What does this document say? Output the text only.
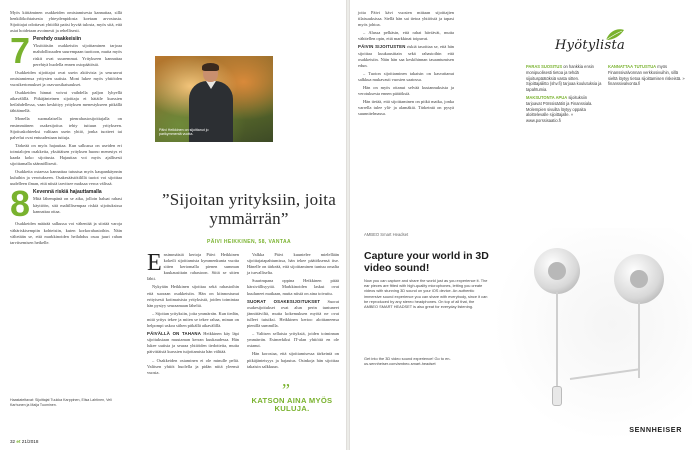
Myös kiittäminen osakkeiden omistamisesta kannattaa, sillä henkilökohtaisesta yhteydenpidosta koetaan arvostusta. Sijoittajat odottavat yhtiöltä paitsi hyvää tulosta, myös sitä, että asiat hoidetaan avoimesti ja rehellisesti.

7 Perehdy osakkeisiin
Yksittäisiin osakkeisiin sijoittaminen tarjoaa mahdollisuuden suurempaan tuottoon, mutta myös riskit ovat suuremmat. Yritykseen kannattaa perehtyä huolella ennen ostopäätöstä.

Osakkeiden sijoittajat ovat usein aktiivisia ja seuraavat omistamiensa yritysten uutisia. Moni lukee myös yhtiöiden vuosikertomukset ja osavuosikatsaukset.

Osakkeiden hinnat voivat vaihdella paljon lyhyellä aikavälillä. Pitkäjänteinen sijoittaja ei hätäile kurssien heilahdellessa, vaan keskittyy yrityksen menestykseen pitkällä tähtäimellä.

Monella suomalaisella pienrahastosijoittajalla on ensimmäinen osakesijoitus tehty tuttuun yritykseen. Sijoituskohteeksi valitaan usein yhtiö, jonka tuotteet tai palvelut ovat entuudestaan tuttuja.

Tärkeää on myös hajauttaa. Kun salkussa on useiden eri toimialojen osakkeita, yksittäisen yrityksen huono menestys ei kaada koko sijoitusta. Hajauttaa voi myös ajallisesti sijoittamalla säännöllisesti.

Osakkeita ostaessa kannattaa tutustua myös kaupankäynnin kuluihin ja verotukseen. Osakesäästötilillä tuotot voi sijoittaa uudelleen ilman, että niistä tarvitsee maksaa veroa välissä.

8 Kevennä riskiä hajauttamalla
Mitä lähempänä on se aika, jolloin haluat rahasi käyttöön, sitä maltillisempaa riskiä sijoituksissa kannattaa ottaa.

Osakkeiden määrää salkussa voi vähentää ja siirtää varoja vähäriskisempiin kohteisiin, kuten korkorahastoihin. Näin vältetään se, että markkinoiden heilahdus osuu juuri rahan tarvitsemisen hetkelle.

Haastateltavat: Sijoittajat Tuukka Karppinen, Elisa Lahtinen, Veli Karhunen ja Maija Tuominen.
Päivi Heikkinen on sijoittanut jo parikymmentä vuotta.
”Sijoitan yrityksiin, joita ymmärrän”
PÄIVI HEIKKINEN, 58, VANTAA

Ensimmäisiä kertoja Päivi Heikkinen kokeili sijoittamista kymmenkunta vuotta sitten kertomalla pienen summan kuukausittain rahastoon. Siitä se sitten lähti.

Nykyään Heikkinen sijoittaa sekä rahastoihin että suoraan osakkeisiin. Hän on kiinnostunut erityisesti kotimaisista yrityksistä, joiden toimintaa hän pystyy seuraamaan läheltä.

– Sijoitan yrityksiin, joita ymmärrän. Kun tiedän, mitä yritys tekee ja miten se tekee rahaa, minun on helpompi uskoa siihen pitkällä aikavälillä.

PÄIVÄLLÄ ON TAHANA Heikkinen käy läpi sijoituksiaan muutaman kerran kuukaudessa. Hän lukee uutisia ja seuraa yhtiöiden tiedotteita, mutta päivittäistä kurssien tuijottamista hän välttää.

– Osakkeiden ostaminen ei ole minulle peliä. Valitsen yhtiöt huolella ja pidän niitä yleensä vuosia.

Valkka Päivi kuuntelee mielellään sijoittajatapahtumissa, hän tekee päätöksensä itse. Hänelle on tärkeää, että sijoittaminen tuntuu omalta ja turvalliselta.

Suurimpana oppina Heikkinen pitää kärsivällisyyttä. Markkinoiden laskut ovat kuuluneet matkaan, mutta niistä on aina toivuttu.

SUORAT OSAKESIJOITUKSET Suorat osakesijoitukset ovat alun perin tuntuneet jännittäviltä, mutta kokemuksen myötä ne ovat tulleet tutuiksi. Heikkinen kertoo aloittaneensa pienillä summilla.

– Valitsen sellaisia yrityksiä, joiden toiminnan ymmärrän. Esimerkiksi IT-alan yhtiöitä en ole ostanut.

Hän korostaa, että sijoittamisessa tärkeintä on pitkäjänteisyys ja hajautus. Osinkoja hän sijoittaa takaisin salkkuun.

”
KATSON AINA MYÖS KULUJA.
32 et 21/2018

joita Päivi kävi vuosien mittaan sijoittajien tilaisuuksissa. Siellä hän sai tietoa yhtiöistä ja tapasi myös johtoa.

– Alussa pelkäsin, että rahat häviävät, mutta vähitellen opin, että markkinat toipuvat.

PÄIVIN SIJOITUSTEN riskiä tasoittaa se, että hän sijoittaa kuukausittain sekä rahastoihin että osakkeisiin. Näin hän saa keskihinnan tasaantumisen edun.

– Tuoton sijoittaminen takaisin on kasvattanut salkkua mukavasti vuosien saatossa.

Hän on myös ottanut selvää kustannuksista ja verotuksesta ennen päätöksiä.

Hän tietää, että sijoittaminen on pitkä matka, jonka varrella tulee ylä- ja alamäkiä. Tärkeintä on pysyä suunnitelmassa.

Hyötylista

PARAS SUOSITUS on hankkia ensin monipuolisesti tietoa ja tehdä sijoituspäätöksiä vasta sitten. Sijoittajaliitto (shv.fi) tarjoaa koulutuksia ja tapahtumia.

MAKSUTONTA APUA sijoituksiin tarjoavat Pörssisäätiö ja Finanssiala. Molempien sivuilta löytyy oppaita aloittelevalle sijoittajalle. » www.porssisaatio.fi

KANNATTAA TUTUSTUA myös Finanssivalvonnan verkkosivuihin, sillä sieltä löytyy tietoa sijoittamisen riskeistä. » finanssivalvonta.fi

AMBEO Smart Headset
Capture your world in 3D video sound!
Now you can capture and share the world just as you experience it. The ear pieces are fitted with high-quality microphones, letting you create videos with stunning 3D sound on your iOS device. An authentic immersive sound experience you can share with everybody, since it can be reproduced by any stereo headphones. On top of all that, the AMBEO SMART HEADSET is also great for everyday listening.
Get into the 3D video sound experience! Go to en-us.sennheiser.com/ambeo-smart-headset
SENNHEISER
